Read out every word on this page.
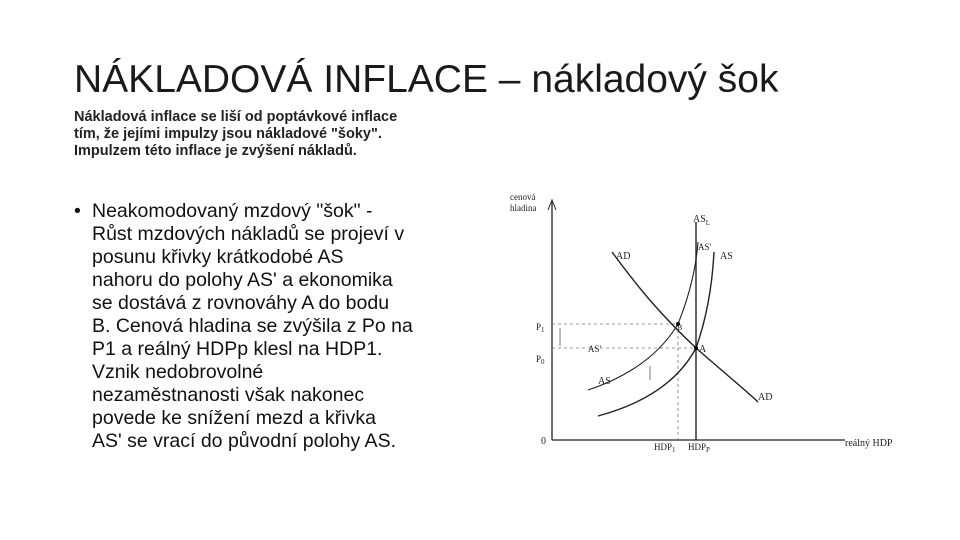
NÁKLADOVÁ INFLACE – nákladový šok
Nákladová inflace se liší od poptávkové inflace
tím, že jejími impulzy jsou nákladové "šoky".
Impulzem této inflace je zvýšení nákladů.
• Neakomodovaný mzdový "šok" -
Růst mzdových nákladů se projeví v
posunu křivky krátkodobé AS
nahoru do polohy AS' a ekonomika
se dostává z rovnováhy A do bodu
B. Cenová hladina se zvýšila z Po na
P1 a reálný HDPp klesl na HDP1.
Vznik nedobrovolné
nezaměstnanosti však nakonec
povede ke snížení mezd a křivka
AS' se vrací do původní polohy AS.
cenová
hladina
reálný HDP
0
$AS_L$
AS'
AS
AD
AS'
AS
AD
B
A
$P_1$
$P_0$
$HDP_1$ $HDP_P$
